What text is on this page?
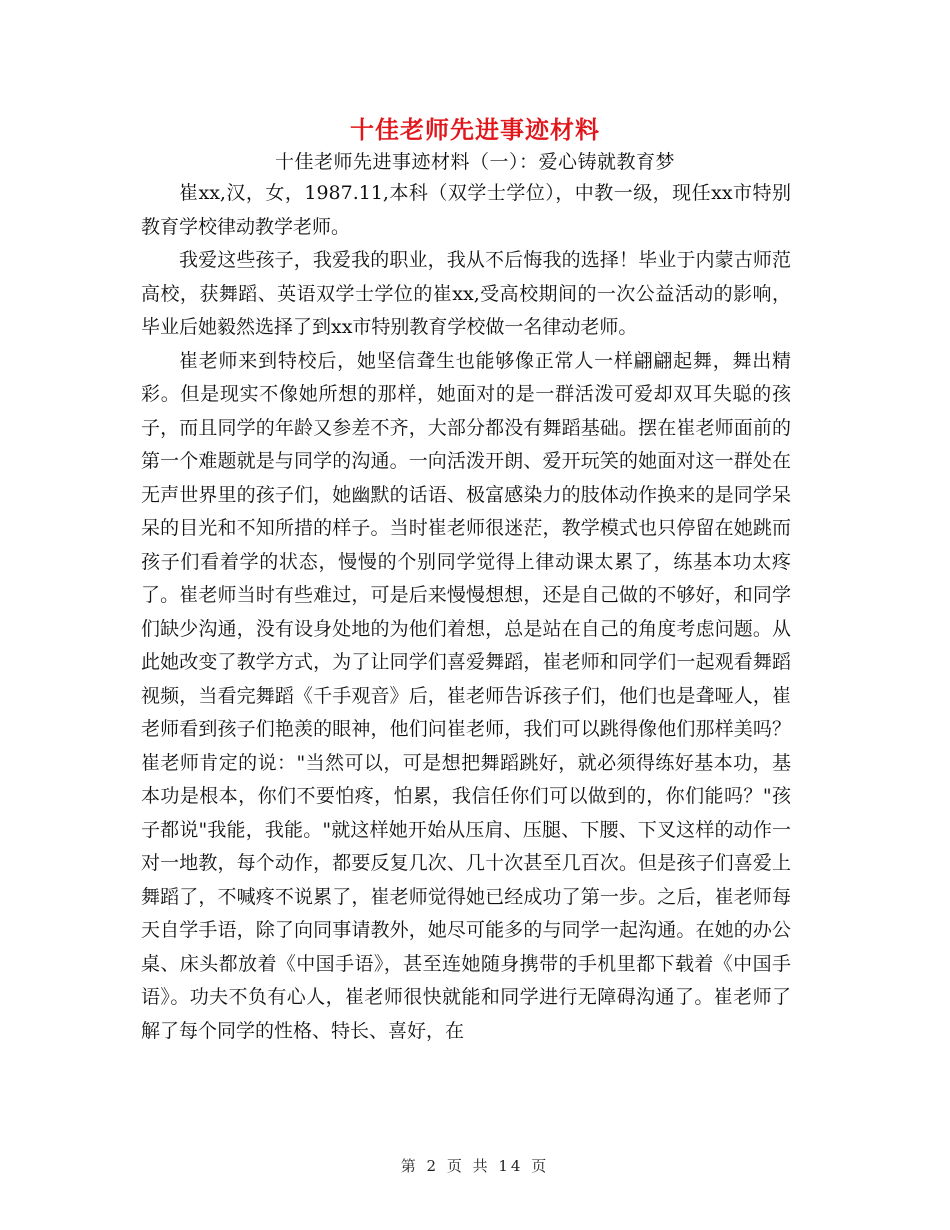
十佳老师先进事迹材料
十佳老师先进事迹材料（一）：爱心铸就教育梦

崔xx,汉，女，1987.11,本科（双学士学位），中教一级，现任xx市特别教育学校律动教学老师。

我爱这些孩子，我爱我的职业，我从不后悔我的选择！毕业于内蒙古师范高校，获舞蹈、英语双学士学位的崔xx,受高校期间的一次公益活动的影响，毕业后她毅然选择了到xx市特别教育学校做一名律动老师。

崔老师来到特校后，她坚信聋生也能够像正常人一样翩翩起舞，舞出精彩。但是现实不像她所想的那样，她面对的是一群活泼可爱却双耳失聪的孩子，而且同学的年龄又参差不齐，大部分都没有舞蹈基础。摆在崔老师面前的第一个难题就是与同学的沟通。一向活泼开朗、爱开玩笑的她面对这一群处在无声世界里的孩子们，她幽默的话语、极富感染力的肢体动作换来的是同学呆呆的目光和不知所措的样子。当时崔老师很迷茫，教学模式也只停留在她跳而孩子们看着学的状态，慢慢的个别同学觉得上律动课太累了，练基本功太疼了。崔老师当时有些难过，可是后来慢慢想想，还是自己做的不够好，和同学们缺少沟通，没有设身处地的为他们着想，总是站在自己的角度考虑问题。从此她改变了教学方式，为了让同学们喜爱舞蹈，崔老师和同学们一起观看舞蹈视频，当看完舞蹈《千手观音》后，崔老师告诉孩子们，他们也是聋哑人，崔老师看到孩子们艳羡的眼神，他们问崔老师，我们可以跳得像他们那样美吗？崔老师肯定的说："当然可以，可是想把舞蹈跳好，就必须得练好基本功，基本功是根本，你们不要怕疼，怕累，我信任你们可以做到的，你们能吗？"孩子都说"我能，我能。"就这样她开始从压肩、压腿、下腰、下叉这样的动作一对一地教，每个动作，都要反复几次、几十次甚至几百次。但是孩子们喜爱上舞蹈了，不喊疼不说累了，崔老师觉得她已经成功了第一步。之后，崔老师每天自学手语，除了向同事请教外，她尽可能多的与同学一起沟通。在她的办公桌、床头都放着《中国手语》，甚至连她随身携带的手机里都下载着《中国手语》。功夫不负有心人，崔老师很快就能和同学进行无障碍沟通了。崔老师了解了每个同学的性格、特长、喜好，在

第 2 页 共 14 页
